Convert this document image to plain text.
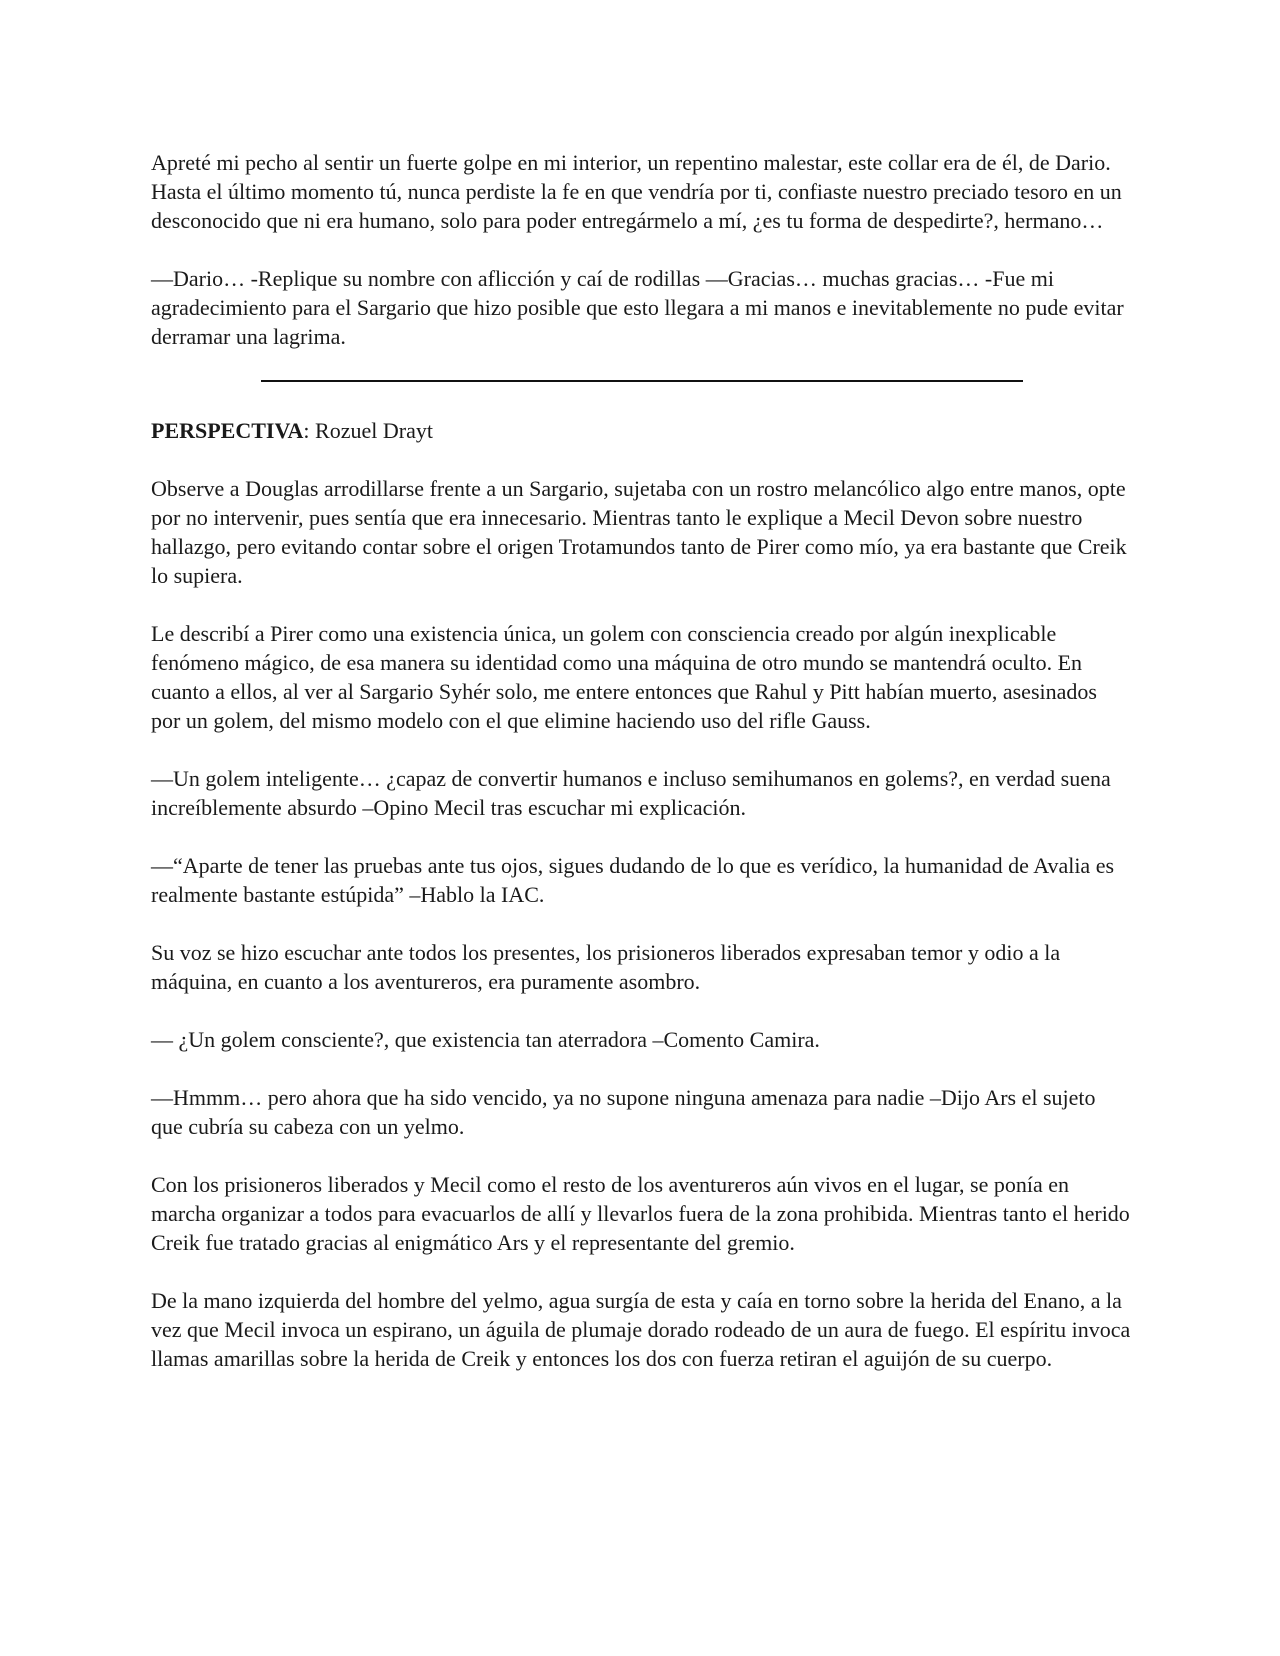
Apreté mi pecho al sentir un fuerte golpe en mi interior, un repentino malestar, este collar era de él, de Dario. Hasta el último momento tú, nunca perdiste la fe en que vendría por ti, confiaste nuestro preciado tesoro en un desconocido que ni era humano, solo para poder entregármelo a mí, ¿es tu forma de despedirte?, hermano…

—Dario… -Replique su nombre con aflicción y caí de rodillas —Gracias… muchas gracias… -Fue mi agradecimiento para el Sargario que hizo posible que esto llegara a mi manos e inevitablemente no pude evitar derramar una lagrima.

PERSPECTIVA: Rozuel Drayt

Observe a Douglas arrodillarse frente a un Sargario, sujetaba con un rostro melancólico algo entre manos, opte por no intervenir, pues sentía que era innecesario. Mientras tanto le explique a Mecil Devon sobre nuestro hallazgo, pero evitando contar sobre el origen Trotamundos tanto de Pirer como mío, ya era bastante que Creik lo supiera.

Le describí a Pirer como una existencia única, un golem con consciencia creado por algún inexplicable fenómeno mágico, de esa manera su identidad como una máquina de otro mundo se mantendrá oculto. En cuanto a ellos, al ver al Sargario Syhér solo, me entere entonces que Rahul y Pitt habían muerto, asesinados por un golem, del mismo modelo con el que elimine haciendo uso del rifle Gauss.

—Un golem inteligente… ¿capaz de convertir humanos e incluso semihumanos en golems?, en verdad suena increíblemente absurdo –Opino Mecil tras escuchar mi explicación.

—“Aparte de tener las pruebas ante tus ojos, sigues dudando de lo que es verídico, la humanidad de Avalia es realmente bastante estúpida” –Hablo la IAC.

Su voz se hizo escuchar ante todos los presentes, los prisioneros liberados expresaban temor y odio a la máquina, en cuanto a los aventureros, era puramente asombro.

— ¿Un golem consciente?, que existencia tan aterradora –Comento Camira.

—Hmmm… pero ahora que ha sido vencido, ya no supone ninguna amenaza para nadie –Dijo Ars el sujeto que cubría su cabeza con un yelmo.

Con los prisioneros liberados y Mecil como el resto de los aventureros aún vivos en el lugar, se ponía en marcha organizar a todos para evacuarlos de allí y llevarlos fuera de la zona prohibida. Mientras tanto el herido Creik fue tratado gracias al enigmático Ars y el representante del gremio.

De la mano izquierda del hombre del yelmo, agua surgía de esta y caía en torno sobre la herida del Enano, a la vez que Mecil invoca un espirano, un águila de plumaje dorado rodeado de un aura de fuego. El espíritu invoca llamas amarillas sobre la herida de Creik y entonces los dos con fuerza retiran el aguijón de su cuerpo.
